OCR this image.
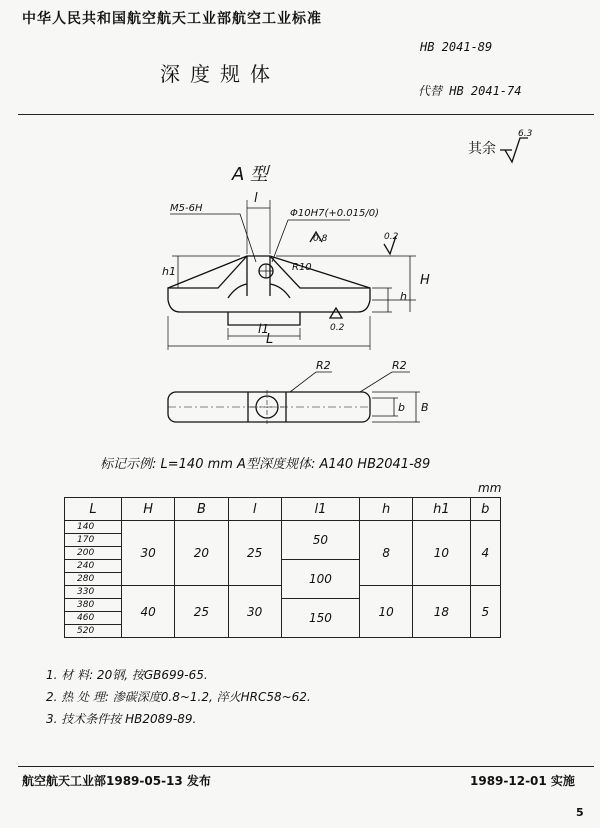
中华人民共和国航空航天工业部航空工业标准
HB 2041-89
深度规体
代替 HB 2041-74
其余
A 型
6.3
l
M5-6H	Φ10H7(+0.015/0)
0.8	0.2
0.2
R10
h1
h
H
l1
L
R2	R2
b B
标记示例: L=140 mm A型深度规体: A140 HB2041-89
mm
L	H	B	l	l1	h	h1	b
140	30	20	25	50	8	10	4
170							
200							
240				100			
280							
330	40	25	30		10	18	5
380				150			
460							
520							
1. 材 料: 20钢, 按GB699-65.
2. 热 处 理: 渗碳深度0.8~1.2, 淬火HRC58~62.
3. 技术条件按 HB2089-89.
航空航天工业部1989-05-13 发布	1989-12-01 实施
5
